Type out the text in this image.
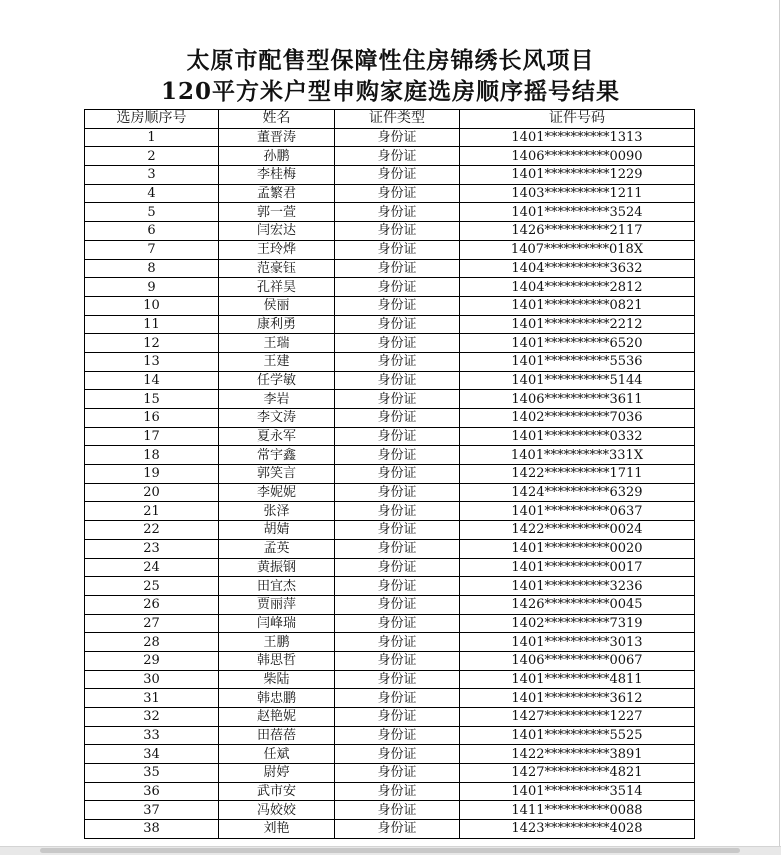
太原市配售型保障性住房锦绣长风项目
120平方米户型申购家庭选房顺序摇号结果
选房顺序号	姓名	证件类型	证件号码
1	董晋涛	身份证	1401**********1313
2	孙鹏	身份证	1406**********0090
3	李桂梅	身份证	1401**********1229
4	孟繁君	身份证	1403**********1211
5	郭一萱	身份证	1401**********3524
6	闫宏达	身份证	1426**********2117
7	王玲烨	身份证	1407**********018X
8	范豪钰	身份证	1404**********3632
9	孔祥昊	身份证	1404**********2812
10	侯丽	身份证	1401**********0821
11	康利勇	身份证	1401**********2212
12	王瑞	身份证	1401**********6520
13	王建	身份证	1401**********5536
14	任学敏	身份证	1401**********5144
15	李岩	身份证	1406**********3611
16	李文涛	身份证	1402**********7036
17	夏永军	身份证	1401**********0332
18	常宇鑫	身份证	1401**********331X
19	郭笑言	身份证	1422**********1711
20	李妮妮	身份证	1424**********6329
21	张泽	身份证	1401**********0637
22	胡婧	身份证	1422**********0024
23	孟英	身份证	1401**********0020
24	黄振钢	身份证	1401**********0017
25	田宜杰	身份证	1401**********3236
26	贾丽萍	身份证	1426**********0045
27	闫峰瑞	身份证	1402**********7319
28	王鹏	身份证	1401**********3013
29	韩思哲	身份证	1406**********0067
30	柴陆	身份证	1401**********4811
31	韩忠鹏	身份证	1401**********3612
32	赵艳妮	身份证	1427**********1227
33	田蓓蓓	身份证	1401**********5525
34	任斌	身份证	1422**********3891
35	尉婷	身份证	1427**********4821
36	武市安	身份证	1401**********3514
37	冯姣姣	身份证	1411**********0088
38	刘艳	身份证	1423**********4028
